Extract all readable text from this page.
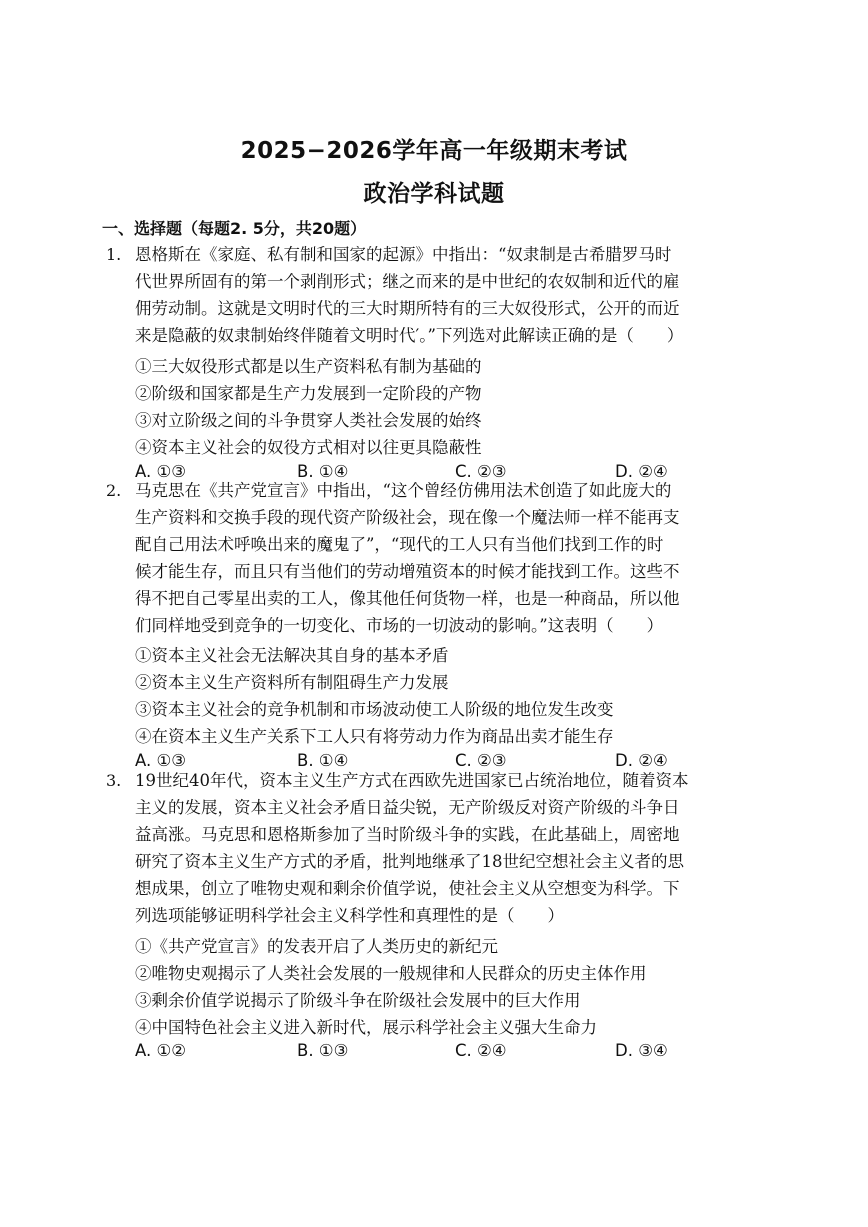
2025−2026学年高一年级期末考试
政治学科试题
一、选择题（每题2. 5分，共20题）
1. 恩格斯在《家庭、私有制和国家的起源》中指出：“奴隶制是古希腊罗马时
代世界所固有的第一个剥削形式；继之而来的是中世纪的农奴制和近代的雇
佣劳动制。这就是文明时代的三大时期所特有的三大奴役形式，公开的而近
来是隐蔽的奴隶制始终伴随着文明时代′。”下列选对此解读正确的是（　　）
①三大奴役形式都是以生产资料私有制为基础的
②阶级和国家都是生产力发展到一定阶段的产物
③对立阶级之间的斗争贯穿人类社会发展的始终
④资本主义社会的奴役方式相对以往更具隐蔽性
A. ①③	B. ①④	C. ②③	D. ②④
2. 马克思在《共产党宣言》中指出，“这个曾经仿佛用法术创造了如此庞大的
生产资料和交换手段的现代资产阶级社会，现在像一个魔法师一样不能再支
配自己用法术呼唤出来的魔鬼了”，“现代的工人只有当他们找到工作的时
候才能生存，而且只有当他们的劳动增殖资本的时候才能找到工作。这些不
得不把自己零星出卖的工人，像其他任何货物一样，也是一种商品，所以他
们同样地受到竞争的一切变化、市场的一切波动的影响。”这表明（　　）
①资本主义社会无法解决其自身的基本矛盾
②资本主义生产资料所有制阻碍生产力发展
③资本主义社会的竞争机制和市场波动使工人阶级的地位发生改变
④在资本主义生产关系下工人只有将劳动力作为商品出卖才能生存
A. ①③	B. ①④	C. ②③	D. ②④
3. 19世纪40年代，资本主义生产方式在西欧先进国家已占统治地位，随着资本
主义的发展，资本主义社会矛盾日益尖锐，无产阶级反对资产阶级的斗争日
益高涨。马克思和恩格斯参加了当时阶级斗争的实践，在此基础上，周密地
研究了资本主义生产方式的矛盾，批判地继承了18世纪空想社会主义者的思
想成果，创立了唯物史观和剩余价值学说，使社会主义从空想变为科学。下
列选项能够证明科学社会主义科学性和真理性的是（　　）
①《共产党宣言》的发表开启了人类历史的新纪元
②唯物史观揭示了人类社会发展的一般规律和人民群众的历史主体作用
③剩余价值学说揭示了阶级斗争在阶级社会发展中的巨大作用
④中国特色社会主义进入新时代，展示科学社会主义强大生命力
A. ①②	B. ①③	C. ②④	D. ③④
